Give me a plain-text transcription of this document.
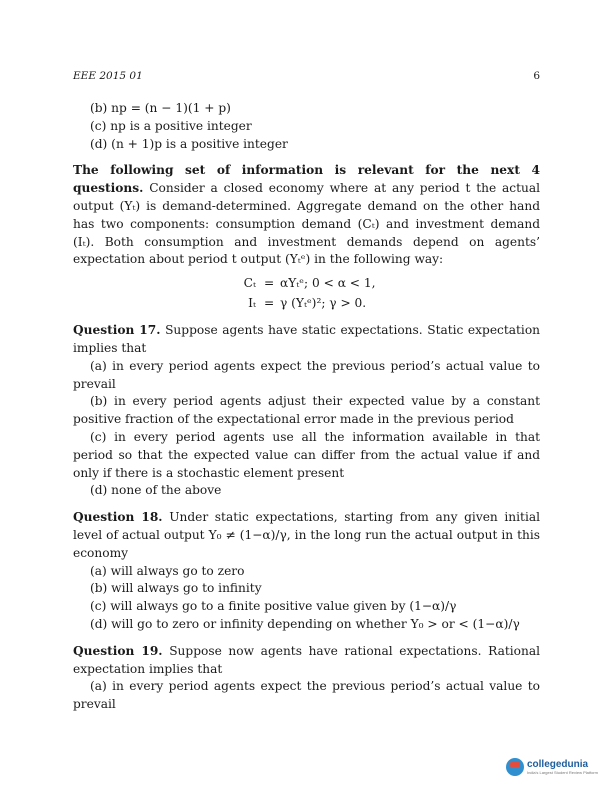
EEE 2015 01	6
(b) np = (n − 1)(1 + p)
(c) np is a positive integer
(d) (n + 1)p is a positive integer
The following set of information is relevant for the next 4 questions. Consider a closed economy where at any period t the actual output (Yₜ) is demand-determined. Aggregate demand on the other hand has two components: consumption demand (Cₜ) and investment demand (Iₜ). Both consumption and investment demands depend on agents’ expectation about period t output (Yₜᵉ) in the following way:
Cₜ = αYₜᵉ; 0 < α < 1,
Iₜ = γ (Yₜᵉ)²; γ > 0.
Question 17. Suppose agents have static expectations. Static expectation implies that
(a) in every period agents expect the previous period’s actual value to prevail
(b) in every period agents adjust their expected value by a constant positive fraction of the expectational error made in the previous period
(c) in every period agents use all the information available in that period so that the expected value can differ from the actual value if and only if there is a stochastic element present
(d) none of the above
Question 18. Under static expectations, starting from any given initial level of actual output Y₀ ≠ (1−α)/γ, in the long run the actual output in this economy
(a) will always go to zero
(b) will always go to infinity
(c) will always go to a finite positive value given by (1−α)/γ
(d) will go to zero or infinity depending on whether Y₀ > or < (1−α)/γ
Question 19. Suppose now agents have rational expectations. Rational expectation implies that
(a) in every period agents expect the previous period’s actual value to prevail
collegedunia
India's Largest Student Review Platform
